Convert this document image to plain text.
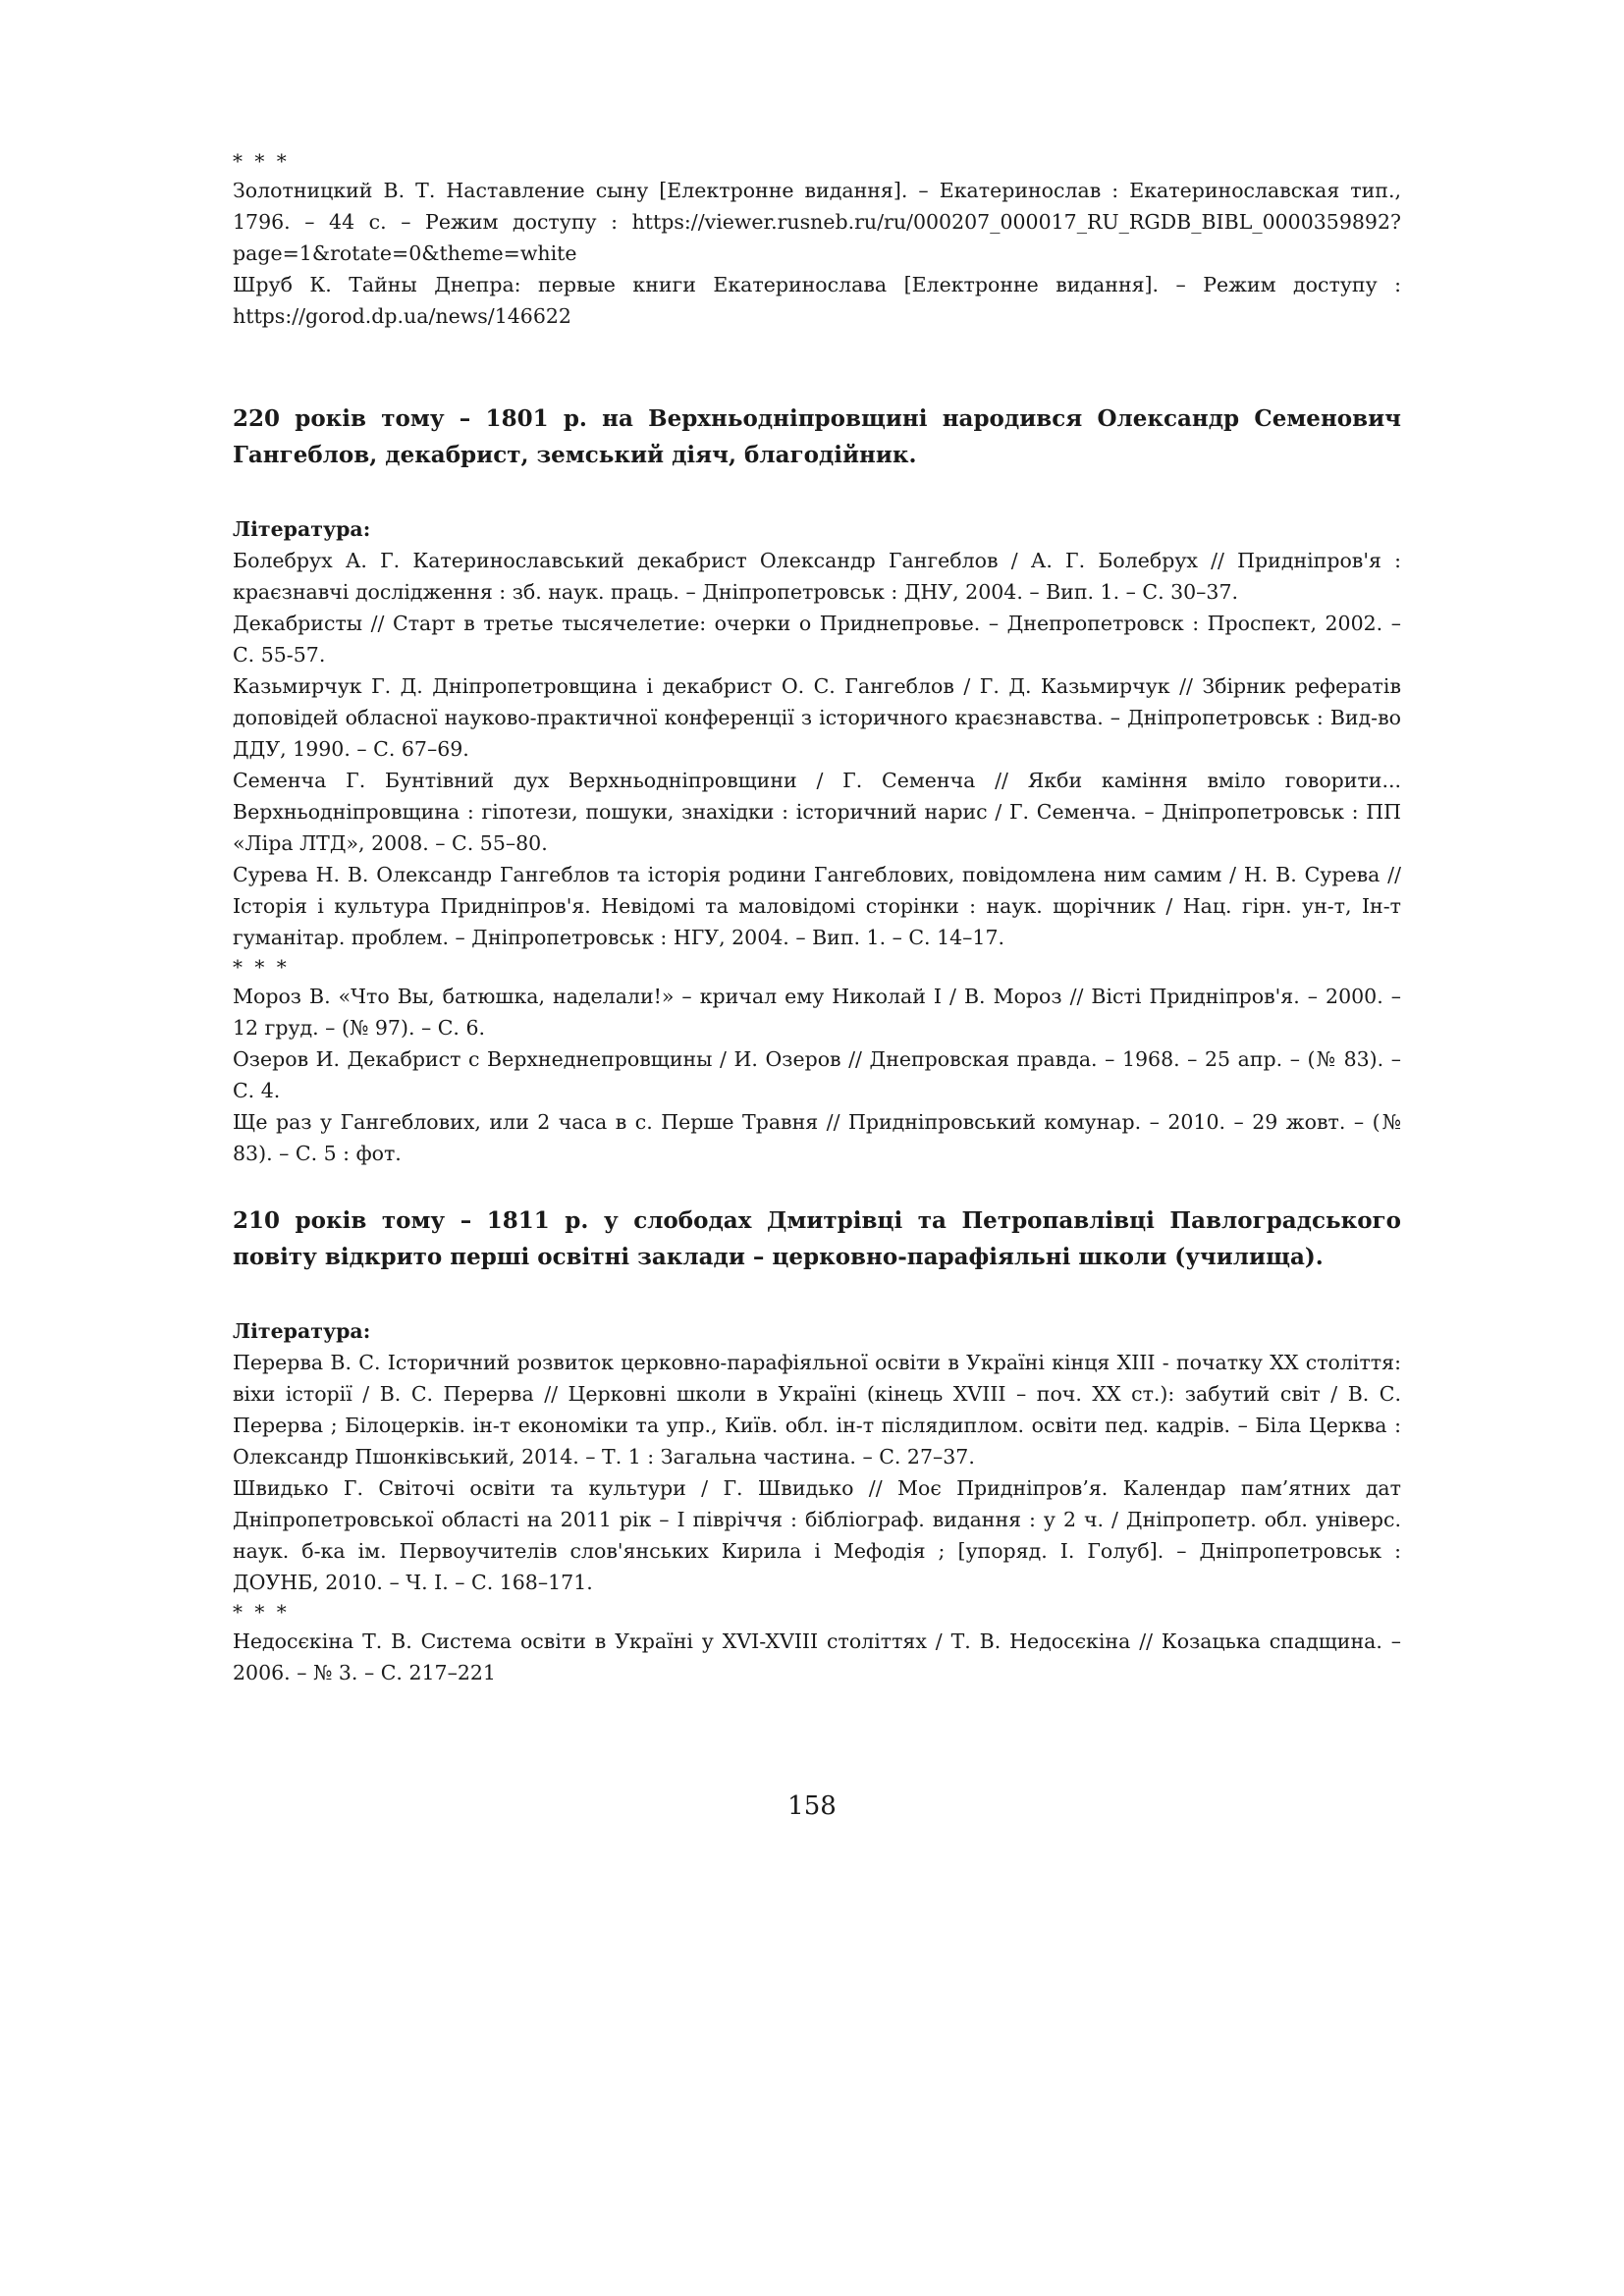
* * *

Золотницкий В. Т. Наставление сыну [Електронне видання]. – Екатеринослав : Екатеринославская тип., 1796. – 44 с. – Режим доступу : https://viewer.rusneb.ru/ru/000207_000017_RU_RGDB_BIBL_0000359892?page=1&rotate=0&theme=white

Шруб К. Тайны Днепра: первые книги Екатеринослава [Електронне видання]. – Режим доступу : https://gorod.dp.ua/news/146622

220 років тому – 1801 р. на Верхньодніпровщині народився Олександр Семенович Гангеблов, декабрист, земський діяч, благодійник.

Література:

Болебрух А. Г. Катеринославський декабрист Олександр Гангеблов / А. Г. Болебрух // Придніпров'я : краєзнавчі дослідження : зб. наук. праць. – Дніпропетровськ : ДНУ, 2004. – Вип. 1. – С. 30–37.

Декабристы // Старт в третье тысячелетие: очерки о Приднепровье. – Днепропетровск : Проспект, 2002. – С. 55-57.

Казьмирчук Г. Д. Дніпропетровщина і декабрист О. С. Гангеблов / Г. Д. Казьмирчук // Збірник рефератів доповідей обласної науково-практичної конференції з історичного краєзнавства. – Дніпропетровськ : Вид-во ДДУ, 1990. – С. 67–69.

Семенча Г. Бунтівний дух Верхньодніпровщини / Г. Семенча // Якби каміння вміло говорити... Верхньодніпровщина : гіпотези, пошуки, знахідки : історичний нарис / Г. Семенча. – Дніпропетровськ : ПП «Ліра ЛТД», 2008. – С. 55–80.

Сурева Н. В. Олександр Гангеблов та історія родини Гангеблових, повідомлена ним самим / Н. В. Сурева // Історія і культура Придніпров'я. Невідомі та маловідомі сторінки : наук. щорічник / Нац. гірн. ун-т, Ін-т гуманітар. проблем. – Дніпропетровськ : НГУ, 2004. – Вип. 1. – С. 14–17.

* * *

Мороз В. «Что Вы, батюшка, наделали!» – кричал ему Николай I / В. Мороз // Вісті Придніпров'я. – 2000. – 12 груд. – (№ 97). – С. 6.

Озеров И. Декабрист с Верхнеднепровщины / И. Озеров // Днепровская правда. – 1968. – 25 апр. – (№ 83). – С. 4.

Ще раз у Гангеблових, или 2 часа в с. Перше Травня // Придніпровський комунар. – 2010. – 29 жовт. – (№ 83). – С. 5 : фот.

210 років тому – 1811 р. у слободах Дмитрівці та Петропавлівці Павлоградського повіту відкрито перші освітні заклади – церковно-парафіяльні школи (училища).

Література:

Перерва В. С. Історичний розвиток церковно-парафіяльної освіти в Україні кінця XIII - початку XX століття: віхи історії / В. С. Перерва // Церковні школи в Україні (кінець XVIII – поч. XX ст.): забутий світ / В. С. Перерва ; Білоцерків. ін-т економіки та упр., Київ. обл. ін-т післядиплом. освіти пед. кадрів. – Біла Церква : Олександр Пшонківський, 2014. – Т. 1 : Загальна частина. – С. 27–37.

Швидько Г. Світочі освіти та культури / Г. Швидько // Моє Придніпров’я. Календар пам’ятних дат Дніпропетровської області на 2011 рік – І півріччя : бібліограф. видання : у 2 ч. / Дніпропетр. обл. універс. наук. б-ка ім. Первоучителів слов'янських Кирила і Мефодія ; [упоряд. І. Голуб]. – Дніпропетровськ : ДОУНБ, 2010. – Ч. I. – С. 168–171.

* * *

Недосєкіна Т. В. Система освіти в Україні у XVI-XVIII століттях / Т. В. Недосєкіна // Козацька спадщина. – 2006. – № 3. – С. 217–221

158
